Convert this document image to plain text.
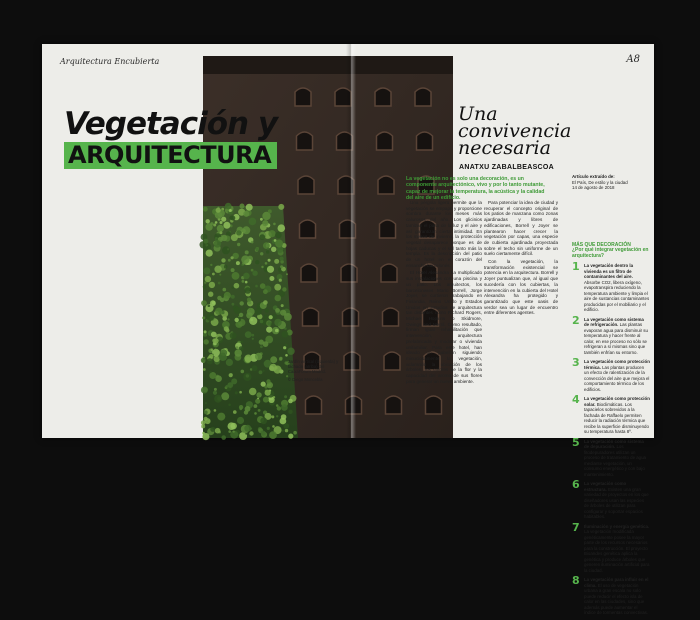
Arquitectura Encubierta	A8
Vegetación y
ARQUITECTURA
Jardín vertical (izquierda) y fachada (arriba) del CaixaForum Madrid.
© Diego Moncebla
Una convivencia necesaria
ANATXU ZABALBEASCOA
La vegetación no es solo una decoración, es un componente arquitectónico, vivo y por lo tanto mutante, capaz de mejorar la temperatura, la acústica y la calidad del aire de un edificio.

Una pérgola ligera permite que la vegetación se empape y proporcione sombra durante los meses más calurosos del año. Los glicinios tamizan el paso de la luz y el aire y así garantizan cierta intimidad. En los meses de invierno, la protección vegetal desaparece porque es de hojas caducas y el sol tanto más la templa. Es la descripción del patio de un hotel en el corazón del ensanche barcelonés.

El Hotel Alexandra ha multiplicado sus instalaciones con una piscina y un patio. Los arquitectos, los barceloneses Mario Borrell, Jorge Joyer, se curtieron trabajando en Finlandia, Reino Unido y Estados Unidos en estudios de arquitectura tan distantes como Richard Rogers, Michael Hopkins o Skidmore, Owings and Merril. Como resultado, firman igual rehabilitación que intervención, arquitectura prefabricada y modular o vivienda unifamiliar. Para este hotel, han ideado un pabellón siguiendo minuciosamente la vegetación, aclarando la ubicación de los árboles, los colores de la flor y la capacidad del aroma de sus flores para generar un nuevo ambiente.

Para potenciar la idea de ciudad y recuperar el concepto original de los patios de manzana como zonas ajardinadas y libres de edificaciones, Borrell y Joyer se plantearon hacer crecer la vegetación por capas, una especie de cubierta ajardinada proyectada sobre el techo sin uniforme de un suelo ciertamente difícil.

Con la vegetación, la transformación existencial se potencia en la arquitectura. Borrell y Joyer puntualizan que, al igual que sucedería con los cubiertas, la intervención en la cubierta del Hotel Alexandra ha protegido y garantizado que este oasis de verdor sea un lugar de encuentro entre diferentes agentes.

Artículo extraído de:
El País, De estilo y la ciudad
14 de agosto de 2018
MÁS QUE DECORACIÓN
¿Por qué integrar vegetación en arquitectura?
1 La vegetación dentro la vivienda es un filtro de contaminantes del aire. Absorbe CO2, libera oxígeno, evapotranspira reduciendo la temperatura ambiente y limpia el aire de sustancias contaminantes producidas por el mobiliario y el edificio.
2 La vegetación como sistema de refrigeración. Las plantas evaporan agua para disminuir su temperatura y hacer frente al calor, en ese proceso no sólo se refrigeran a sí mismas sino que también enfrían su entorno.
3 La vegetación como protección térmica. Las plantas producen un efecto de ralentización de la convección del aire que mejora el comportamiento térmico de los edificios.
4 La vegetación como protección solar. Bioclimáticas. Los tapacielos sobrevidos a la fachada de Raffaelo permiten reducir la radiación térmica que recibe la superficie disminuyendo su temperatura hasta 8º.
5 La vegetación como sistema de depuración. Los fitodepuradores utilizan un proceso de tratamiento de agua mediante vegetación, un consumo energético y con bajo mantenimiento.
6 La vegetación como estructura. Existen una gran variedad de proyectos en los que diseñadores usan las especies de árboles de utilizan para configurar y soportar espacios habitables.
7 Iluminación y energía genética. La vegetación modificada genéticamente posee la mayor parte de los recursos necesarios para la construcción. El proyecto Bioandes genética aplica la genética y produce árboles que generen iluminación artificial para la ciudad.
8 La vegetación para influir en el clima. El uso de vegetación urbana a gran escala no solo puede reducir el efecto isla de calor en las ciudades, sino que además puede aumentar el índice de tormentas convectivas.
